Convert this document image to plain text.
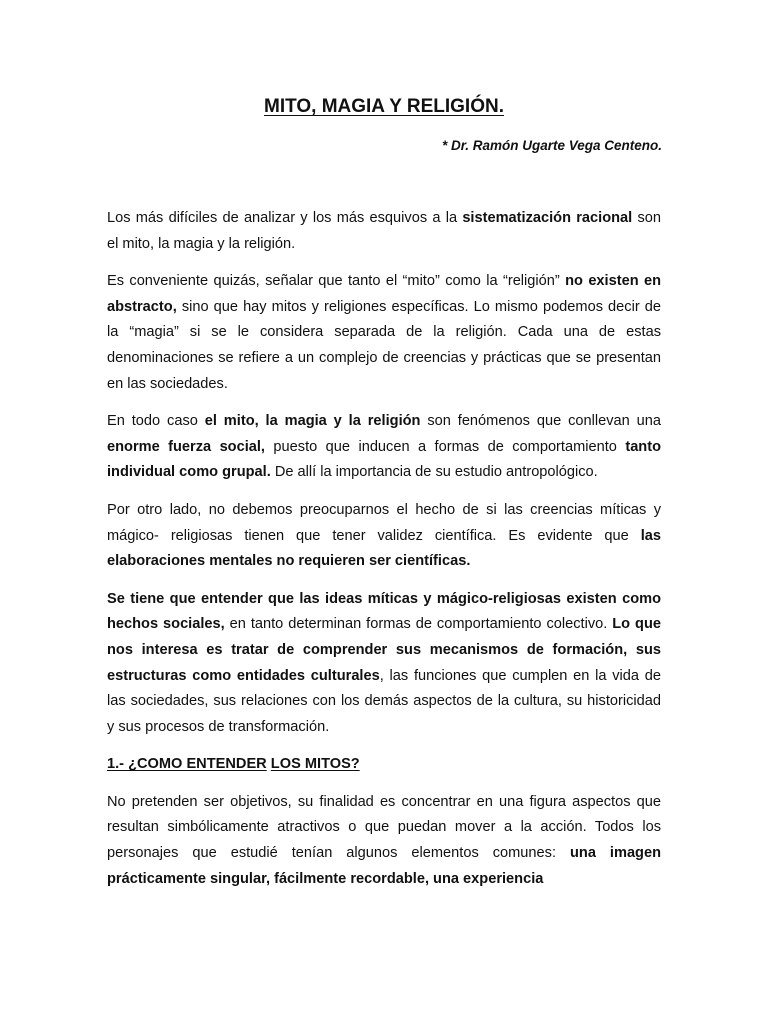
MITO, MAGIA Y RELIGIÓN.
* Dr. Ramón Ugarte Vega Centeno.

Los más difíciles de analizar y los más esquivos a la sistematización racional son el mito, la magia y la religión.

Es conveniente quizás, señalar que tanto el “mito” como la “religión” no existen en abstracto, sino que hay mitos y religiones específicas. Lo mismo podemos decir de la “magia” si se le considera separada de la religión. Cada una de estas denominaciones se refiere a un complejo de creencias y prácticas que se presentan en las sociedades.

En todo caso el mito, la magia y la religión son fenómenos que conllevan una enorme fuerza social, puesto que inducen a formas de comportamiento tanto individual como grupal. De allí la importancia de su estudio antropológico.

Por otro lado, no debemos preocuparnos el hecho de si las creencias míticas y mágico- religiosas tienen que tener validez científica. Es evidente que las elaboraciones mentales no requieren ser científicas.

Se tiene que entender que las ideas míticas y mágico-religiosas existen como hechos sociales, en tanto determinan formas de comportamiento colectivo. Lo que nos interesa es tratar de comprender sus mecanismos de formación, sus estructuras como entidades culturales, las funciones que cumplen en la vida de las sociedades, sus relaciones con los demás aspectos de la cultura, su historicidad y sus procesos de transformación.

1.- ¿COMO ENTENDER LOS MITOS?

No pretenden ser objetivos, su finalidad es concentrar en una figura aspectos que resultan simbólicamente atractivos o que puedan mover a la acción. Todos los personajes que estudié tenían algunos elementos comunes: una imagen prácticamente singular, fácilmente recordable, una experiencia
